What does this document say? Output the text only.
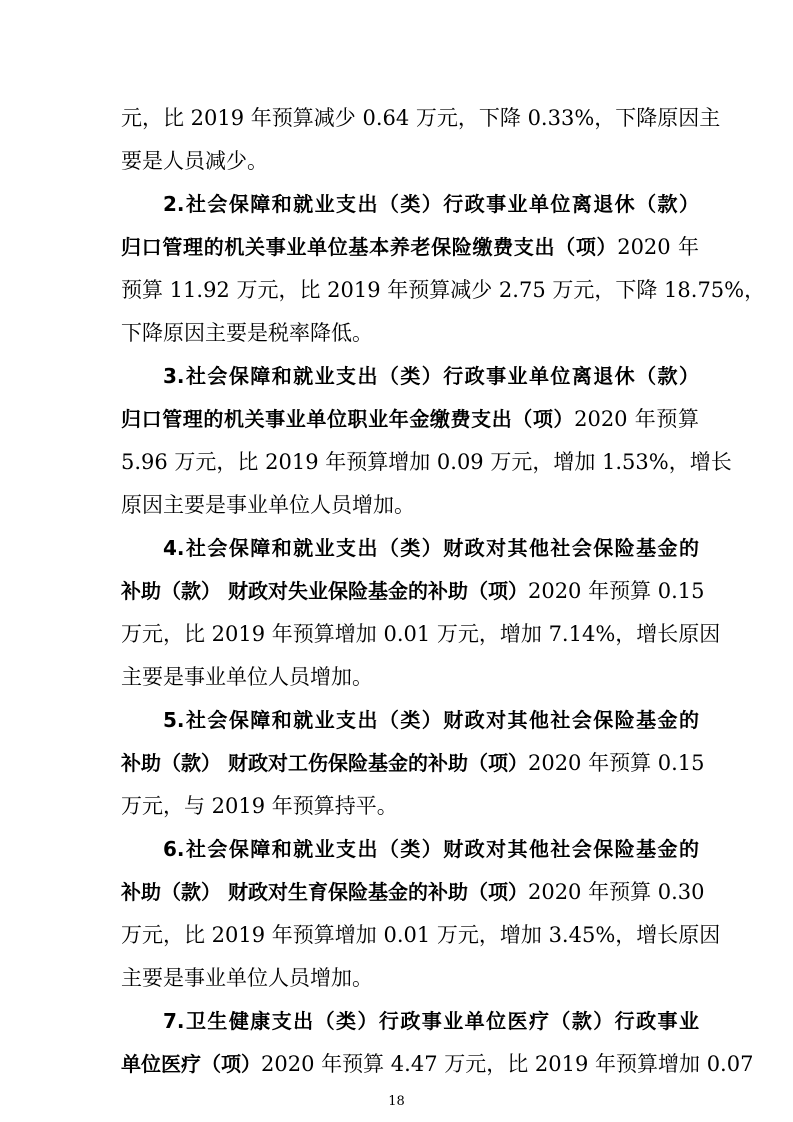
元，比 2019 年预算减少 0.64 万元，下降 0.33%，下降原因主
要是人员减少。
2.社会保障和就业支出（类）行政事业单位离退休（款）
归口管理的机关事业单位基本养老保险缴费支出（项）2020 年
预算 11.92 万元，比 2019 年预算减少 2.75 万元，下降 18.75%，
下降原因主要是税率降低。
3.社会保障和就业支出（类）行政事业单位离退休（款）
归口管理的机关事业单位职业年金缴费支出（项）2020 年预算
5.96 万元，比 2019 年预算增加 0.09 万元，增加 1.53%，增长
原因主要是事业单位人员增加。
4.社会保障和就业支出（类）财政对其他社会保险基金的
补助（款） 财政对失业保险基金的补助（项）2020 年预算 0.15
万元，比 2019 年预算增加 0.01 万元，增加 7.14%，增长原因
主要是事业单位人员增加。
5.社会保障和就业支出（类）财政对其他社会保险基金的
补助（款） 财政对工伤保险基金的补助（项）2020 年预算 0.15
万元，与 2019 年预算持平。
6.社会保障和就业支出（类）财政对其他社会保险基金的
补助（款） 财政对生育保险基金的补助（项）2020 年预算 0.30
万元，比 2019 年预算增加 0.01 万元，增加 3.45%，增长原因
主要是事业单位人员增加。
7.卫生健康支出（类）行政事业单位医疗（款）行政事业
单位医疗（项）2020 年预算 4.47 万元，比 2019 年预算增加 0.07
18
